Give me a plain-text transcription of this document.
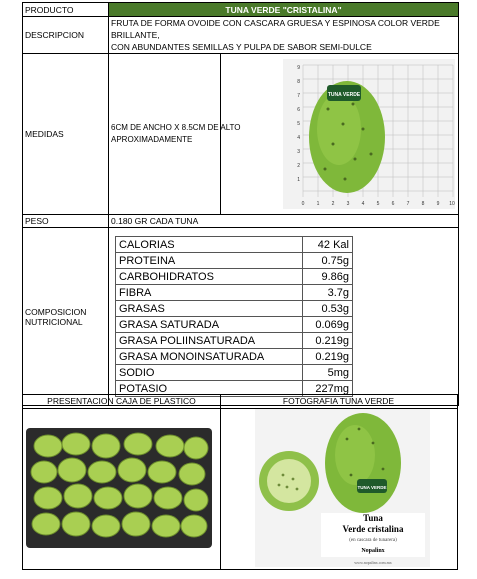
PRODUCTO	TUNA VERDE "CRISTALINA"
DESCRIPCION	
FRUTA DE FORMA OVOIDE CON CASCARA GRUESA Y ESPINOSA COLOR VERDE BRILLANTE,
CON ABUNDANTES SEMILLAS Y PULPA DE SABOR SEMI-DULCE

MEDIDAS	
6CM DE ANCHO X 8.5CM DE ALTO APROXIMADAMENTE

TUNA VERDE
0 1 2 3 4 5 6 7 8 9 10
9
8
7
6
5
4
3
2
1

PESO	0.180 GR CADA TUNA

COMPOSICION
NUTRICIONAL

CALORIAS	42 Kal
PROTEINA	0.75g
CARBOHIDRATOS	9.86g
FIBRA	3.7g
GRASAS	0.53g
GRASA SATURADA	0.069g
GRASA POLIINSATURADA	0.219g
GRASA MONOINSATURADA	0.219g
SODIO	5mg
POTASIO	227mg
PRESENTACION CAJA DE PLASTICO	FOTOGRAFIA TUNA VERDE
TUNA VERDE
Tuna
Verde cristalina
(en cascara de tunarera)
Nopalinx
www.nopalinx.com.mx
